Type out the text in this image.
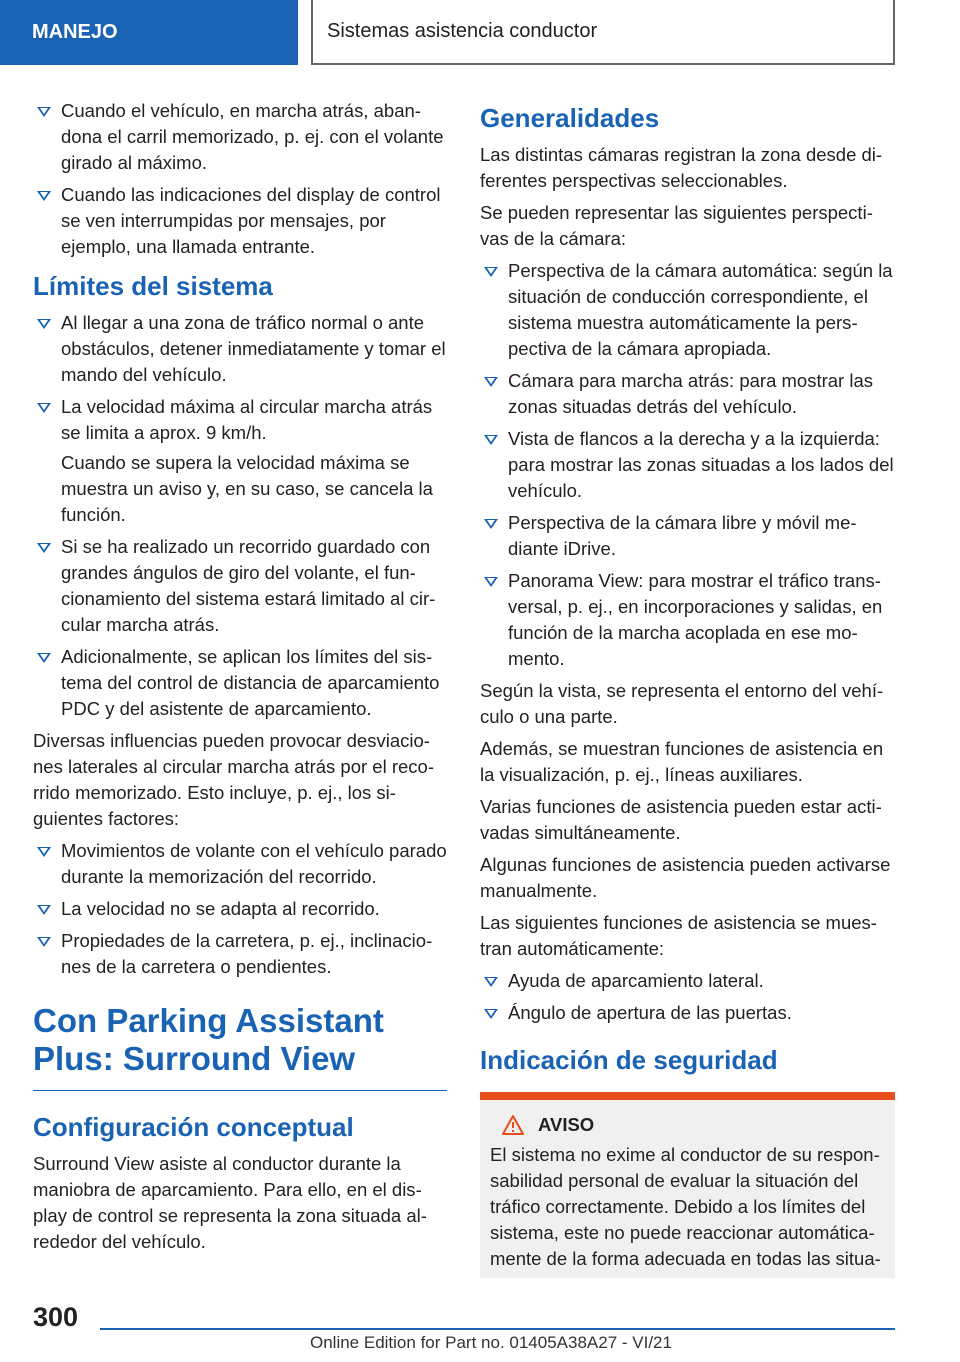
MANEJO	Sistemas asistencia conductor
Cuando el vehículo, en marcha atrás, abandona el carril memorizado, p. ej. con el volante girado al máximo.
Cuando las indicaciones del display de control se ven interrumpidas por mensajes, por ejemplo, una llamada entrante.
Límites del sistema
Al llegar a una zona de tráfico normal o ante obstáculos, detener inmediatamente y tomar el mando del vehículo.
La velocidad máxima al circular marcha atrás se limita a aprox. 9 km/h.
Cuando se supera la velocidad máxima se muestra un aviso y, en su caso, se cancela la función.
Si se ha realizado un recorrido guardado con grandes ángulos de giro del volante, el funcionamiento del sistema estará limitado al circular marcha atrás.
Adicionalmente, se aplican los límites del sistema del control de distancia de aparcamiento PDC y del asistente de aparcamiento.

Diversas influencias pueden provocar desviaciones laterales al circular marcha atrás por el recorrido memorizado. Esto incluye, p. ej., los siguientes factores:

Movimientos de volante con el vehículo parado durante la memorización del recorrido.
La velocidad no se adapta al recorrido.
Propiedades de la carretera, p. ej., inclinaciones de la carretera o pendientes.
Con Parking Assistant Plus: Surround View
Configuración conceptual

Surround View asiste al conductor durante la maniobra de aparcamiento. Para ello, en el display de control se representa la zona situada alrededor del vehículo.

Generalidades

Las distintas cámaras registran la zona desde diferentes perspectivas seleccionables.

Se pueden representar las siguientes perspectivas de la cámara:

Perspectiva de la cámara automática: según la situación de conducción correspondiente, el sistema muestra automáticamente la perspectiva de la cámara apropiada.
Cámara para marcha atrás: para mostrar las zonas situadas detrás del vehículo.
Vista de flancos a la derecha y a la izquierda: para mostrar las zonas situadas a los lados del vehículo.
Perspectiva de la cámara libre y móvil mediante iDrive.
Panorama View: para mostrar el tráfico transversal, p. ej., en incorporaciones y salidas, en función de la marcha acoplada en ese momento.

Según la vista, se representa el entorno del vehículo o una parte.

Además, se muestran funciones de asistencia en la visualización, p. ej., líneas auxiliares.

Varias funciones de asistencia pueden estar activadas simultáneamente.

Algunas funciones de asistencia pueden activarse manualmente.

Las siguientes funciones de asistencia se muestran automáticamente:

Ayuda de aparcamiento lateral.
Ángulo de apertura de las puertas.
Indicación de seguridad
AVISO

El sistema no exime al conductor de su responsabilidad personal de evaluar la situación del tráfico correctamente. Debido a los límites del sistema, este no puede reaccionar automáticamente de la forma adecuada en todas las situa-

300
Online Edition for Part no. 01405A38A27 - VI/21
